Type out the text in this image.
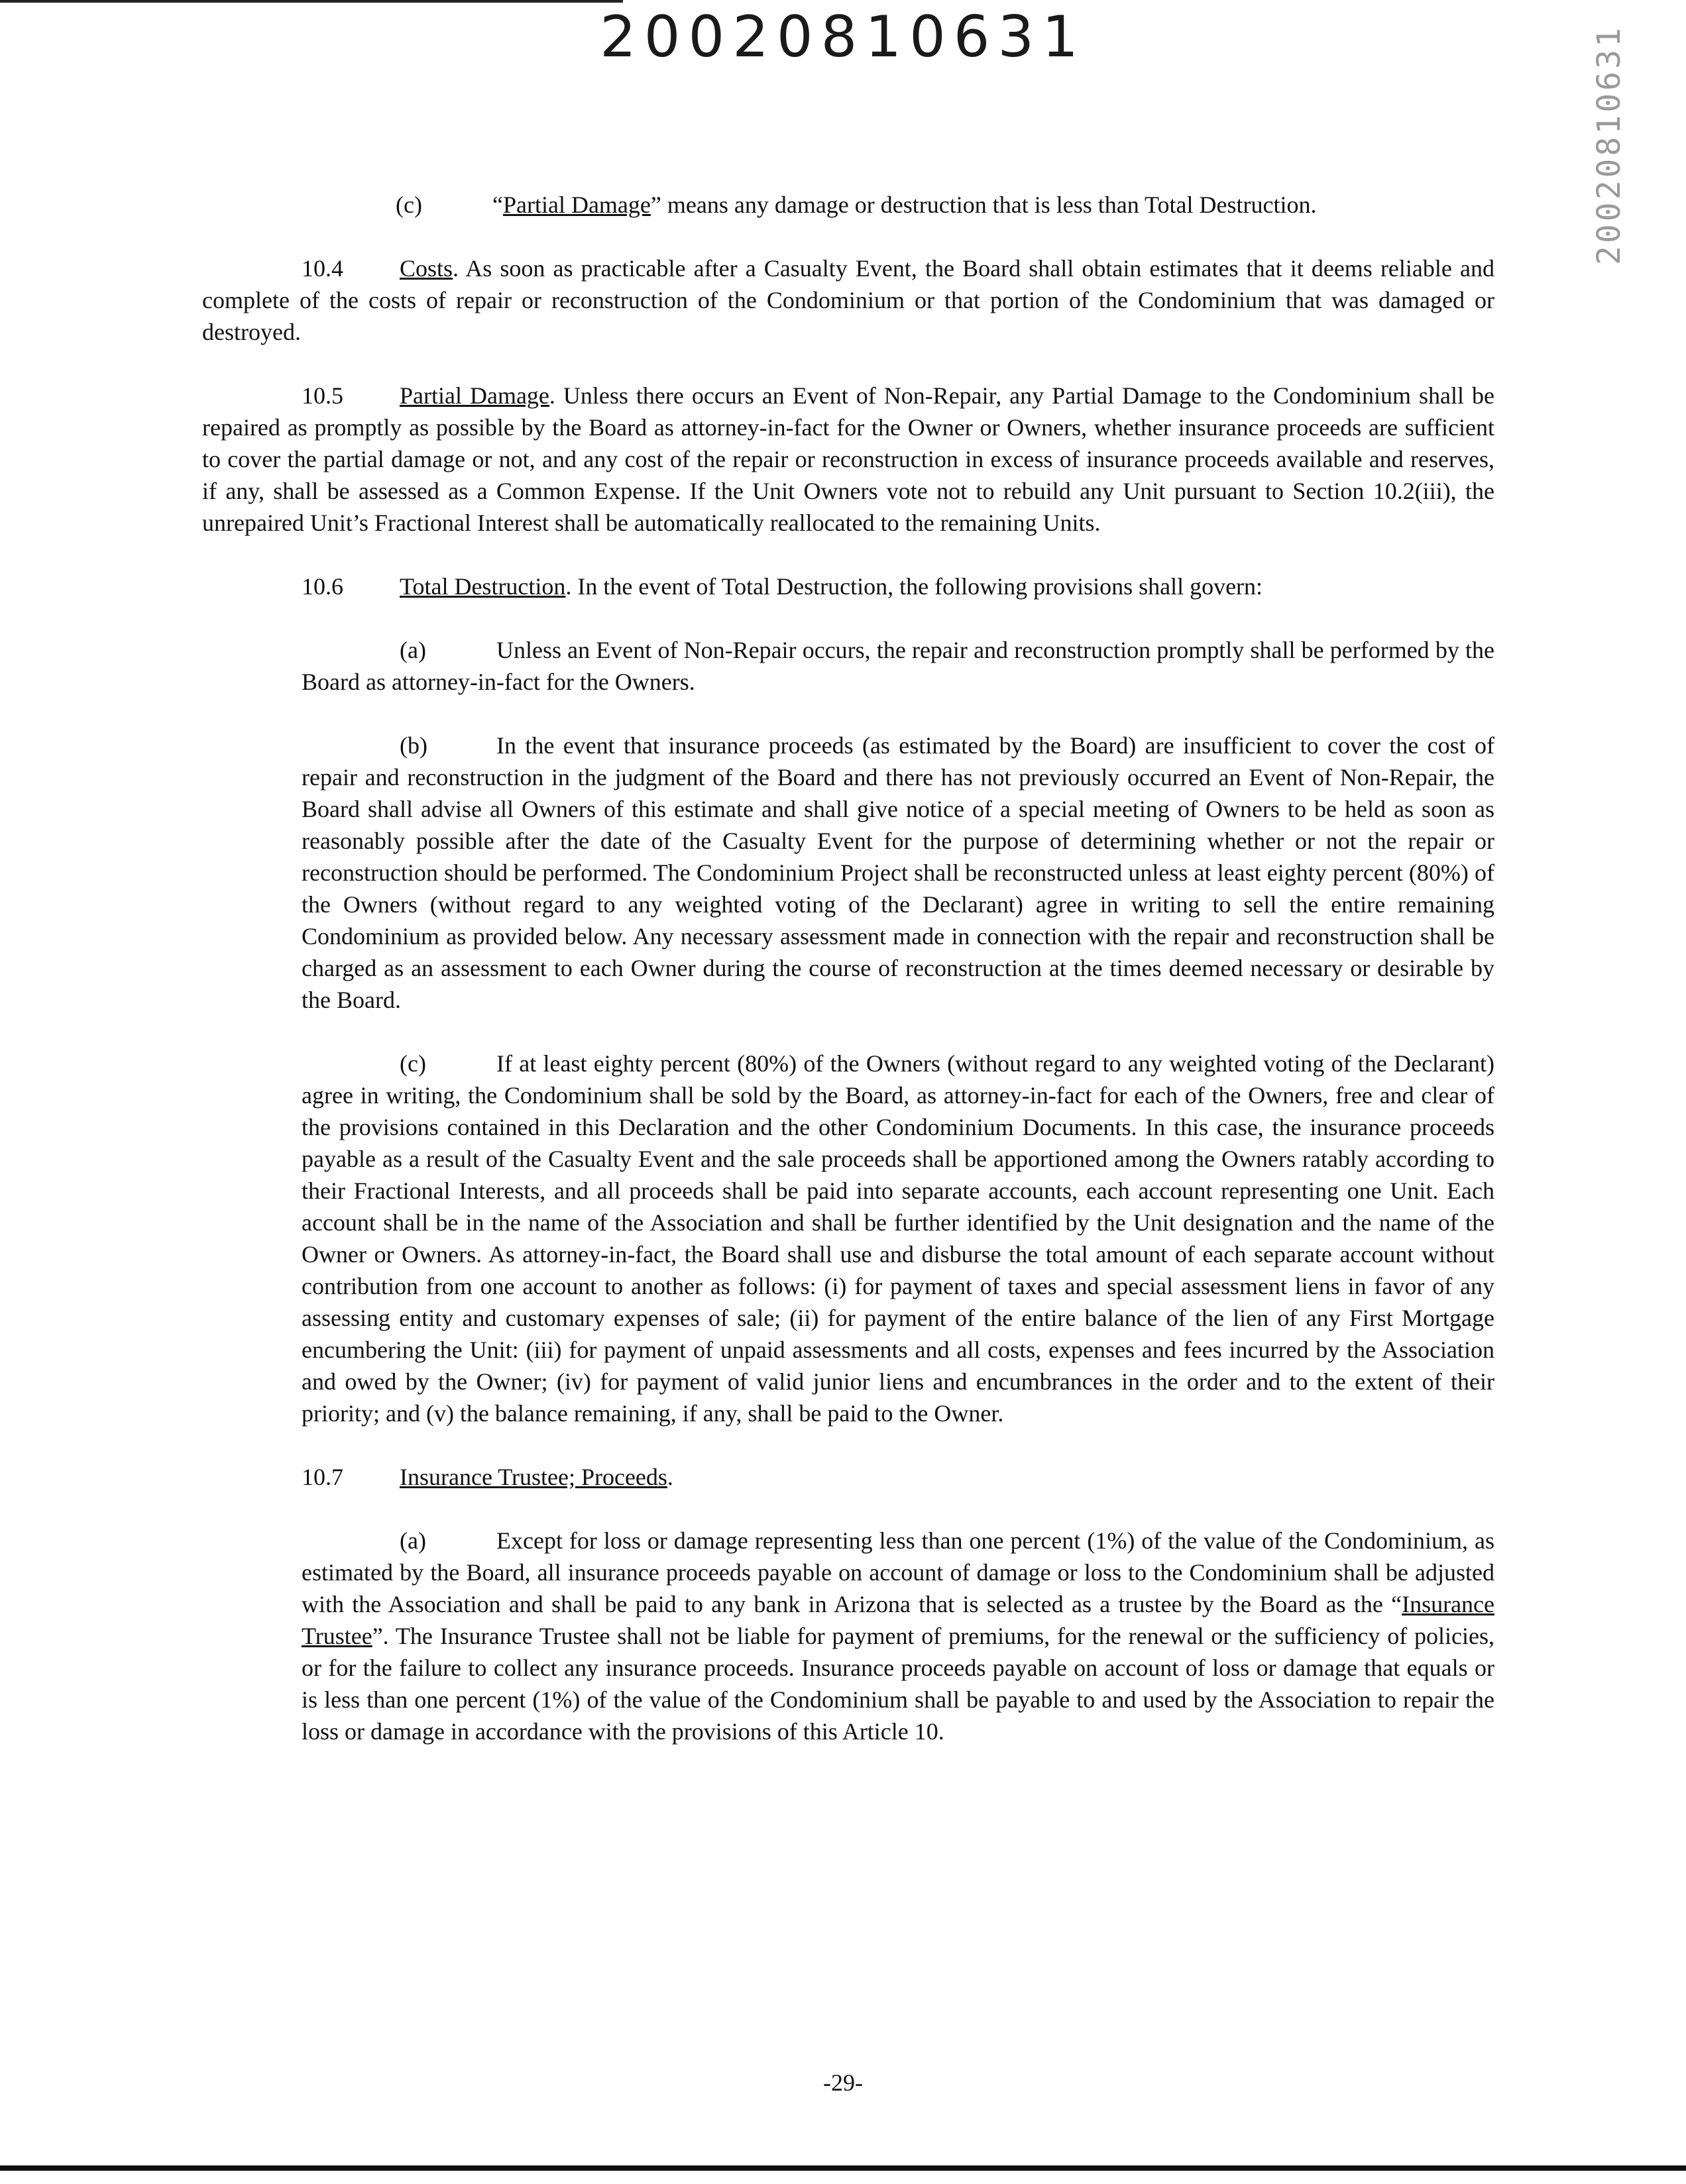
20020810631	20020810631

(c)	“Partial Damage” means any damage or destruction that is less than Total Destruction.

10.4 Costs. As soon as practicable after a Casualty Event, the Board shall obtain estimates that it deems reliable and complete of the costs of repair or reconstruction of the Condominium or that portion of the Condominium that was damaged or destroyed.

10.5 Partial Damage. Unless there occurs an Event of Non-Repair, any Partial Damage to the Condominium shall be repaired as promptly as possible by the Board as attorney-in-fact for the Owner or Owners, whether insurance proceeds are sufficient to cover the partial damage or not, and any cost of the repair or reconstruction in excess of insurance proceeds available and reserves, if any, shall be assessed as a Common Expense. If the Unit Owners vote not to rebuild any Unit pursuant to Section 10.2(iii), the unrepaired Unit’s Fractional Interest shall be automatically reallocated to the remaining Units.

10.6 Total Destruction. In the event of Total Destruction, the following provisions shall govern:

(a)	Unless an Event of Non-Repair occurs, the repair and reconstruction promptly shall be performed by the Board as attorney-in-fact for the Owners.

(b)	In the event that insurance proceeds (as estimated by the Board) are insufficient to cover the cost of repair and reconstruction in the judgment of the Board and there has not previously occurred an Event of Non-Repair, the Board shall advise all Owners of this estimate and shall give notice of a special meeting of Owners to be held as soon as reasonably possible after the date of the Casualty Event for the purpose of determining whether or not the repair or reconstruction should be performed. The Condominium Project shall be reconstructed unless at least eighty percent (80%) of the Owners (without regard to any weighted voting of the Declarant) agree in writing to sell the entire remaining Condominium as provided below. Any necessary assessment made in connection with the repair and reconstruction shall be charged as an assessment to each Owner during the course of reconstruction at the times deemed necessary or desirable by the Board.

(c)	If at least eighty percent (80%) of the Owners (without regard to any weighted voting of the Declarant) agree in writing, the Condominium shall be sold by the Board, as attorney-in-fact for each of the Owners, free and clear of the provisions contained in this Declaration and the other Condominium Documents. In this case, the insurance proceeds payable as a result of the Casualty Event and the sale proceeds shall be apportioned among the Owners ratably according to their Fractional Interests, and all proceeds shall be paid into separate accounts, each account representing one Unit. Each account shall be in the name of the Association and shall be further identified by the Unit designation and the name of the Owner or Owners. As attorney-in-fact, the Board shall use and disburse the total amount of each separate account without contribution from one account to another as follows: (i) for payment of taxes and special assessment liens in favor of any assessing entity and customary expenses of sale; (ii) for payment of the entire balance of the lien of any First Mortgage encumbering the Unit: (iii) for payment of unpaid assessments and all costs, expenses and fees incurred by the Association and owed by the Owner; (iv) for payment of valid junior liens and encumbrances in the order and to the extent of their priority; and (v) the balance remaining, if any, shall be paid to the Owner.

10.7 Insurance Trustee; Proceeds.

(a)	Except for loss or damage representing less than one percent (1%) of the value of the Condominium, as estimated by the Board, all insurance proceeds payable on account of damage or loss to the Condominium shall be adjusted with the Association and shall be paid to any bank in Arizona that is selected as a trustee by the Board as the “Insurance Trustee”. The Insurance Trustee shall not be liable for payment of premiums, for the renewal or the sufficiency of policies, or for the failure to collect any insurance proceeds. Insurance proceeds payable on account of loss or damage that equals or is less than one percent (1%) of the value of the Condominium shall be payable to and used by the Association to repair the loss or damage in accordance with the provisions of this Article 10.

-29-
